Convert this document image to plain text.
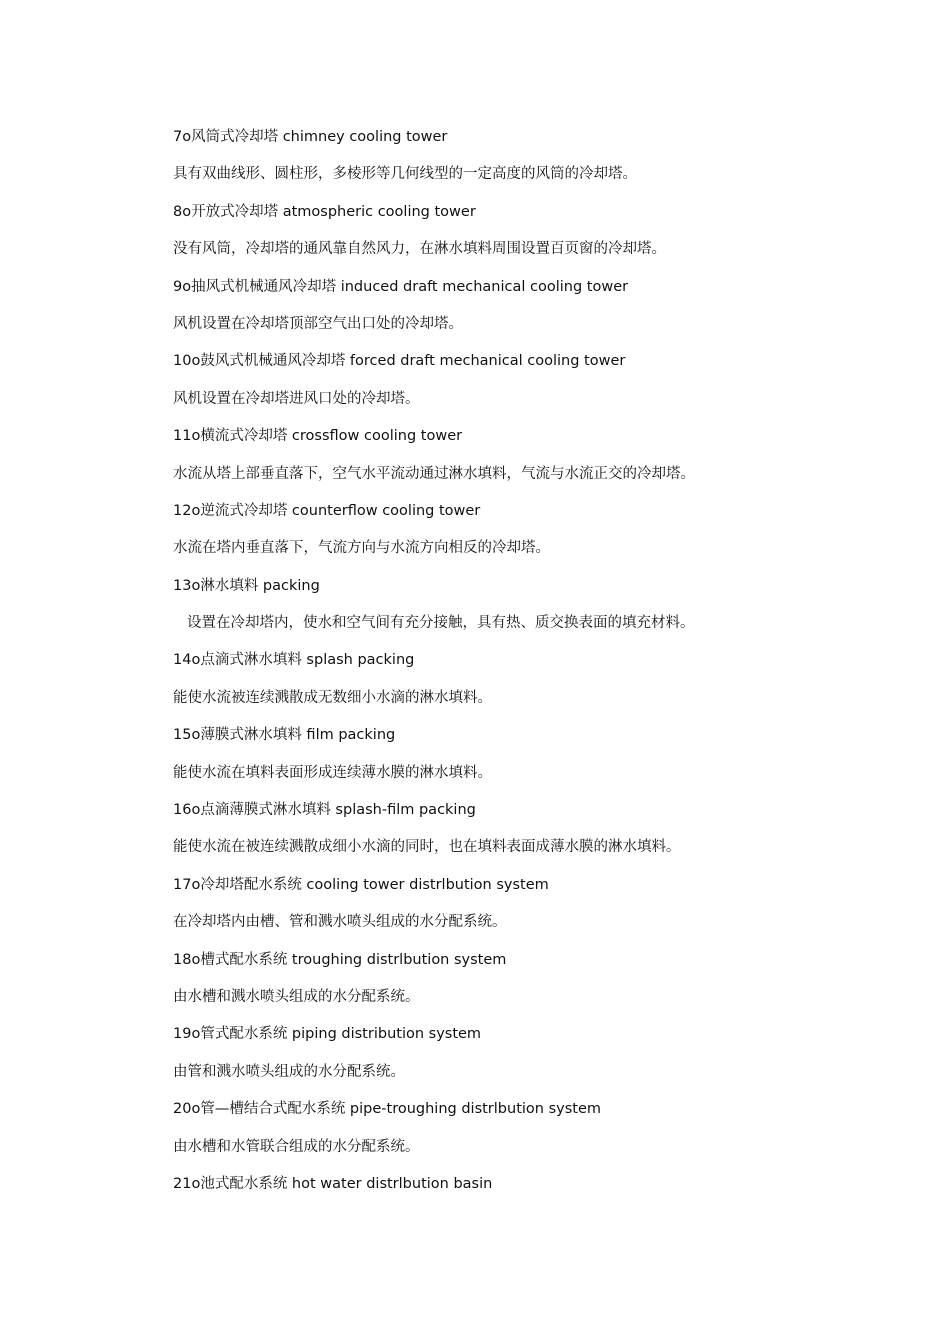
7ο风筒式冷却塔 chimney cooling tower
具有双曲线形、圆柱形，多棱形等几何线型的一定高度的风筒的冷却塔。
8ο开放式冷却塔 atmospheric cooling tower
没有风筒，冷却塔的通风靠自然风力，在淋水填料周围设置百页窗的冷却塔。
9ο抽风式机械通风冷却塔 induced draft mechanical cooling tower
风机设置在冷却塔顶部空气出口处的冷却塔。
10ο鼓风式机械通风冷却塔 forced draft mechanical cooling tower
风机设置在冷却塔进风口处的冷却塔。
11ο横流式冷却塔 crossflow cooling tower
水流从塔上部垂直落下，空气水平流动通过淋水填料，气流与水流正交的冷却塔。
12ο逆流式冷却塔 counterflow cooling tower
水流在塔内垂直落下，气流方向与水流方向相反的冷却塔。
13ο淋水填料 packing
设置在冷却塔内，使水和空气间有充分接触，具有热、质交换表面的填充材料。
14ο点滴式淋水填料 splash packing
能使水流被连续溅散成无数细小水滴的淋水填料。
15ο薄膜式淋水填料 film packing
能使水流在填料表面形成连续薄水膜的淋水填料。
16ο点滴薄膜式淋水填料 splash-film packing
能使水流在被连续溅散成细小水滴的同时，也在填料表面成薄水膜的淋水填料。
17ο冷却塔配水系统 cooling tower distrlbution system
在冷却塔内由槽、管和溅水喷头组成的水分配系统。
18ο槽式配水系统 troughing distrlbution system
由水槽和溅水喷头组成的水分配系统。
19ο管式配水系统 piping distribution system
由管和溅水喷头组成的水分配系统。
20ο管—槽结合式配水系统 pipe-troughing distrlbution system
由水槽和水管联合组成的水分配系统。
21ο池式配水系统 hot water distrlbution basin
